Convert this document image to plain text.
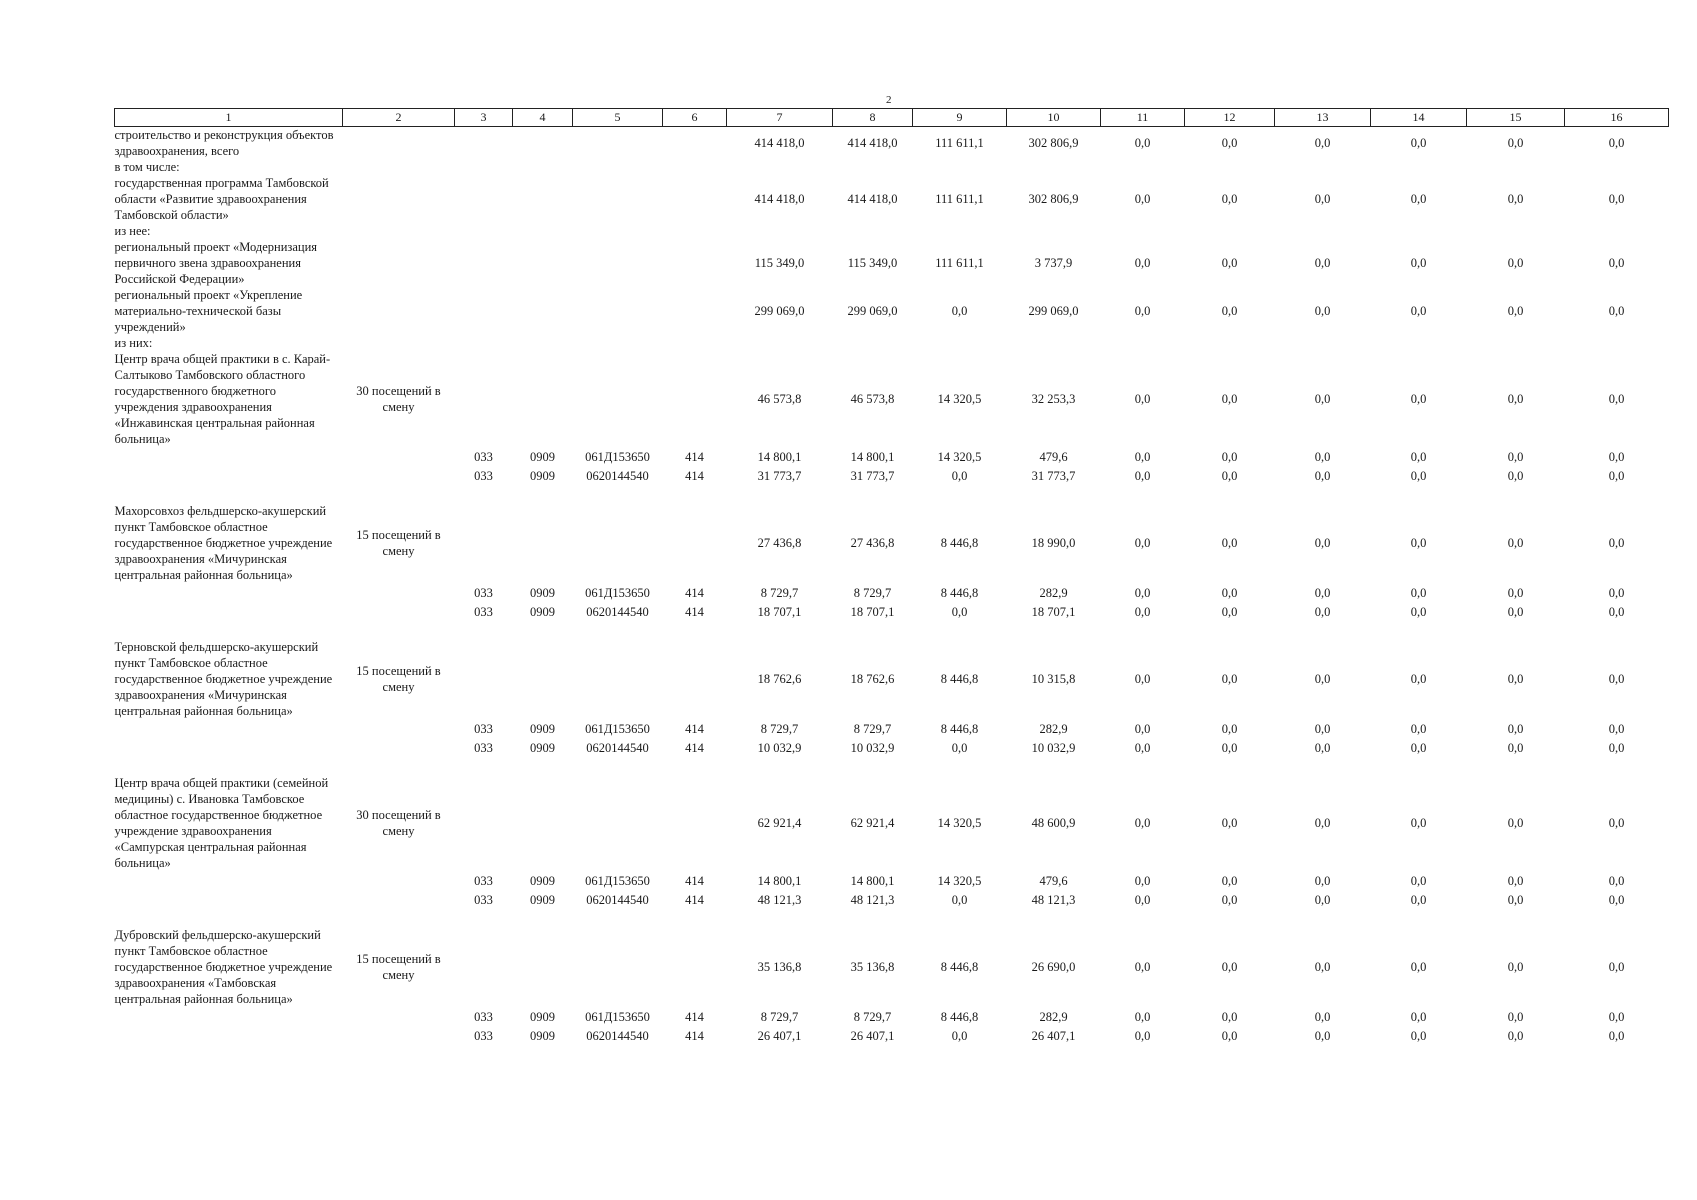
2
1	2	3	4	5	6	7	8	9	10	11	12	13	14	15	16
строительство и реконструкция объектов здравоохранения, всего						414 418,0	414 418,0	111 611,1	302 806,9	0,0	0,0	0,0	0,0	0,0	0,0
в том числе:															
государственная программа Тамбовской области «Развитие здравоохранения Тамбовской области»						414 418,0	414 418,0	111 611,1	302 806,9	0,0	0,0	0,0	0,0	0,0	0,0
из нее:															
региональный проект «Модернизация первичного звена здравоохранения Российской Федерации»						115 349,0	115 349,0	111 611,1	3 737,9	0,0	0,0	0,0	0,0	0,0	0,0
региональный проект «Укрепление материально-технической базы учреждений»						299 069,0	299 069,0	0,0	299 069,0	0,0	0,0	0,0	0,0	0,0	0,0
из них:															
Центр врача общей практики в с. Карай-Салтыково Тамбовского областного государственного бюджетного учреждения здравоохранения «Инжавинская центральная районная больница»	30 посещений в смену					46 573,8	46 573,8	14 320,5	32 253,3	0,0	0,0	0,0	0,0	0,0	0,0
		033	0909	061Д153650	414	14 800,1	14 800,1	14 320,5	479,6	0,0	0,0	0,0	0,0	0,0	0,0
		033	0909	0620144540	414	31 773,7	31 773,7	0,0	31 773,7	0,0	0,0	0,0	0,0	0,0	0,0

Махорсовхоз фельдшерско-акушерский пункт Тамбовское областное государственное бюджетное учреждение здравоохранения «Мичуринская центральная районная больница»	15 посещений в смену					27 436,8	27 436,8	8 446,8	18 990,0	0,0	0,0	0,0	0,0	0,0	0,0
		033	0909	061Д153650	414	8 729,7	8 729,7	8 446,8	282,9	0,0	0,0	0,0	0,0	0,0	0,0
		033	0909	0620144540	414	18 707,1	18 707,1	0,0	18 707,1	0,0	0,0	0,0	0,0	0,0	0,0

Терновской фельдшерско-акушерский пункт Тамбовское областное государственное бюджетное учреждение здравоохранения «Мичуринская центральная районная больница»	15 посещений в смену					18 762,6	18 762,6	8 446,8	10 315,8	0,0	0,0	0,0	0,0	0,0	0,0
		033	0909	061Д153650	414	8 729,7	8 729,7	8 446,8	282,9	0,0	0,0	0,0	0,0	0,0	0,0
		033	0909	0620144540	414	10 032,9	10 032,9	0,0	10 032,9	0,0	0,0	0,0	0,0	0,0	0,0

Центр врача общей практики (семейной медицины) с. Ивановка Тамбовское областное государственное бюджетное учреждение здравоохранения «Сампурская центральная районная больница»	30 посещений в смену					62 921,4	62 921,4	14 320,5	48 600,9	0,0	0,0	0,0	0,0	0,0	0,0
		033	0909	061Д153650	414	14 800,1	14 800,1	14 320,5	479,6	0,0	0,0	0,0	0,0	0,0	0,0
		033	0909	0620144540	414	48 121,3	48 121,3	0,0	48 121,3	0,0	0,0	0,0	0,0	0,0	0,0

Дубровский фельдшерско-акушерский пункт Тамбовское областное государственное бюджетное учреждение здравоохранения «Тамбовская центральная районная больница»	15 посещений в смену					35 136,8	35 136,8	8 446,8	26 690,0	0,0	0,0	0,0	0,0	0,0	0,0
		033	0909	061Д153650	414	8 729,7	8 729,7	8 446,8	282,9	0,0	0,0	0,0	0,0	0,0	0,0
		033	0909	0620144540	414	26 407,1	26 407,1	0,0	26 407,1	0,0	0,0	0,0	0,0	0,0	0,0
